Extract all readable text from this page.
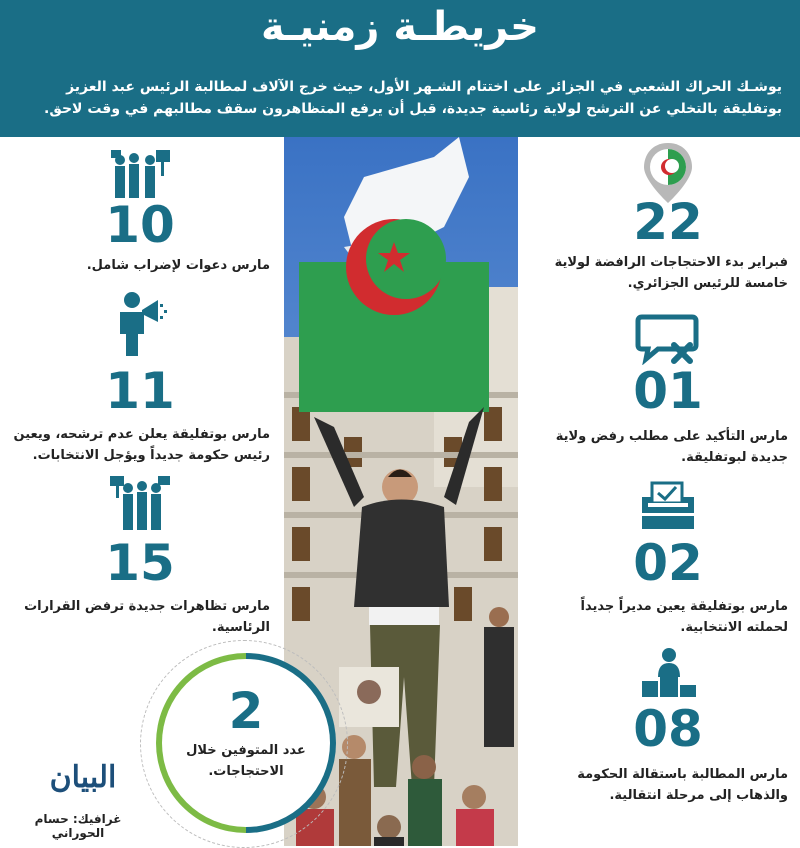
خريطـة زمنيـة
يوشـك الحراك الشعبي في الجزائر على اختتام الشـهر الأول، حيث خرج الآلاف لمطالبة الرئيس عبد العزيز بوتفليقة بالتخلي عن الترشح لولاية رئاسية جديدة، قبل أن يرفع المتظاهرون سقف مطالبهم في وقت لاحق.
22
فبراير بدء الاحتجاجات الرافضة لولاية خامسة للرئيس الجزائري.
01
مارس التأكيد على مطلب رفض ولاية جديدة لبوتفليقة.
02
مارس بوتفليقة يعين مديراً جديداً لحملته الانتخابية.
08
مارس المطالبة باستقالة الحكومة والذهاب إلى مرحلة انتقالية.
10
مارس دعوات لإضراب شامل.
11
مارس بوتفليقة يعلن عدم ترشحه، ويعين رئيس حكومة جديداً ويؤجل الانتخابات.
15
مارس تظاهرات جديدة ترفض القرارات الرئاسية.
2
عدد المتوفين خلال الاحتجاجات.
البيان
غرافيك: حسام الحوراني
